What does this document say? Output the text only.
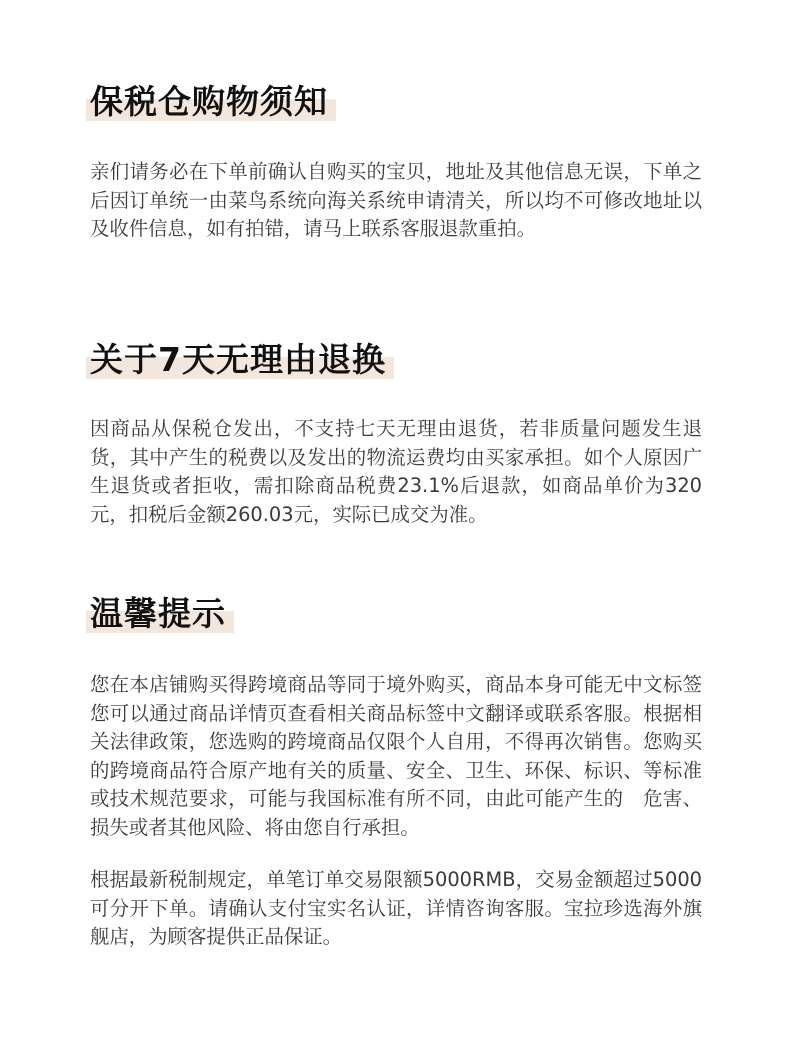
保税仓购物须知

亲们请务必在下单前确认自购买的宝贝，地址及其他信息无误，下单之后因订单统一由菜鸟系统向海关系统申请清关，所以均不可修改地址以　及收件信息，如有拍错，请马上联系客服退款重拍。

关于7天无理由退换

因商品从保税仓发出，不支持七天无理由退货，若非质量问题发生退货，其中产生的税费以及发出的物流运费均由买家承担。如个人原因广生退货或者拒收，需扣除商品税费23.1%后退款，如商品单价为320元，扣税后金额260.03元，实际已成交为准。

温馨提示

您在本店铺购买得跨境商品等同于境外购买，商品本身可能无中文标签　您可以通过商品详情页查看相关商品标签中文翻译或联系客服。根据相关法律政策，您选购的跨境商品仅限个人自用，不得再次销售。您购买的跨境商品符合原产地有关的质量、安全、卫生、环保、标识、等标准或技术规范要求，可能与我国标准有所不同，由此可能产生的　危害、损失或者其他风险、将由您自行承担。

根据最新税制规定，单笔订单交易限额5000RMB，交易金额超过5000可分开下单。请确认支付宝实名认证，详情咨询客服。宝拉珍选海外旗舰店，为顾客提供正品保证。
